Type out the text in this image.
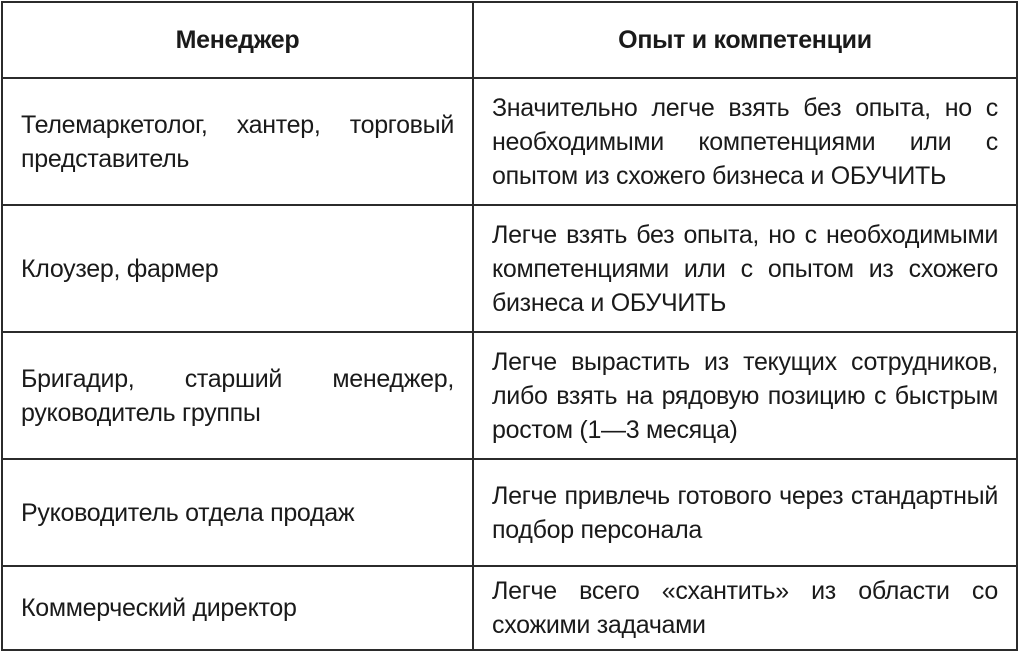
Менеджер	Опыт и компетенции
Телемаркетолог, хантер, торговый представитель	Значительно легче взять без опыта, но с необходимыми компетенциями или с опытом из схожего бизнеса и ОБУЧИТЬ
Клоузер, фармер	Легче взять без опыта, но с необходимыми компетенциями или с опытом из схожего бизнеса и ОБУЧИТЬ
Бригадир, старший менеджер, руководитель группы	Легче вырастить из текущих сотрудников, либо взять на рядовую позицию с быстрым ростом (1—3 месяца)
Руководитель отдела продаж	Легче привлечь готового через стандартный подбор персонала
Коммерческий директор	Легче всего «схантить» из области со схожими задачами
